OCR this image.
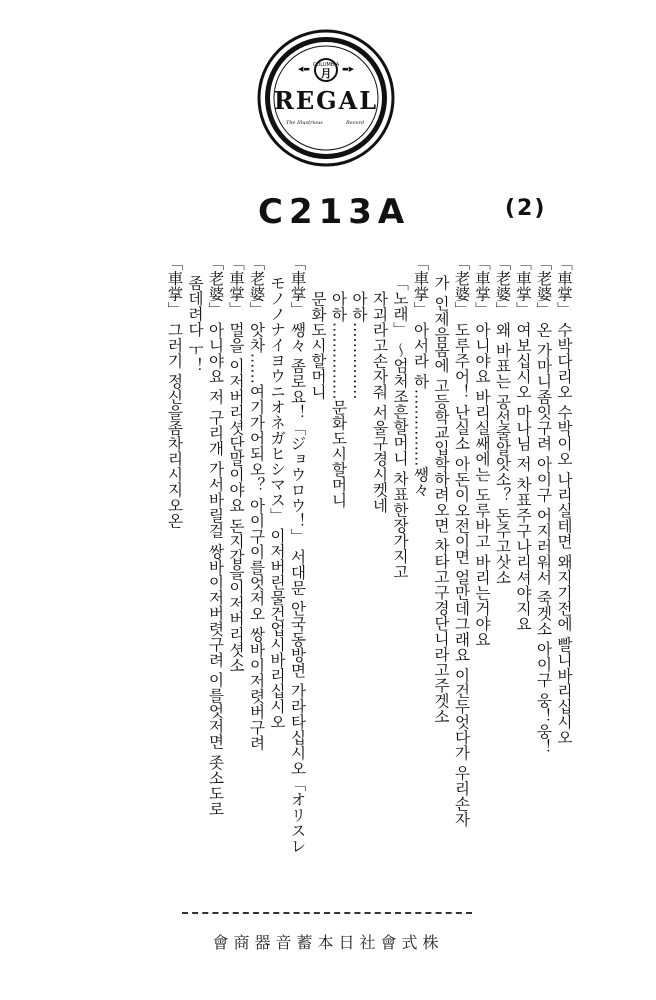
◀▬	▬▶
COLUMBIA
月
REGAL
The Illustrious	Record
C213A	(2)
「車掌」 수박다리오 수박이오 나리실테면 왜지기전에 빨니바리십시오
「老婆」 온 가마니좀잇구려 아이구 어지러워서 죽겟소 아이구 웅！웅！
「車掌」 여보십시오 마나님 저 차표주구나리셔야지요
「老婆」 왜 바표는 공선줄알앗소？ 돈주고삿소
「車掌」 아니야요 바리실쌔에는 도루바고 바리는거야요
「老婆」 도루주어！ 난실소 아돈이오전이면 얼만데그래요 이건두엇다가 우리손자
가 인제음몸에 고등학교입학하려오면 차타고구경단니라고주겟소
「車掌」 아서라 하……………쌩々
「노래」 〜엄처조흔할머니 차표한장가지고
자괴라고손자줘 서울구경시켓네
아하……………
아하……………문화도시할머니
문화도시할머니
「車掌」 쌩々 좀로요！「ジョウロウ！」 서대문 안국동방면 가라타십시오「オリスレ
モノノナイヨウニオネガヒシマス」 이저버린물건업시바리십시오
「老婆」 앗차……여기가어되오？ 아이구이를엇저오 쌍바이저렷버구려
「車掌」 멀을 이저버리셧단말이야요 돈지갑을이저버리셧소
「老婆」 아니야요 저 구리개 가서바릴걸 쌍바이저버렷구려 이를엇저면 좃소도로
좀데려다 ㅜ！
「車掌」 그러기 정신을좀차리시지오온
會商器音蓄本日社會式株
